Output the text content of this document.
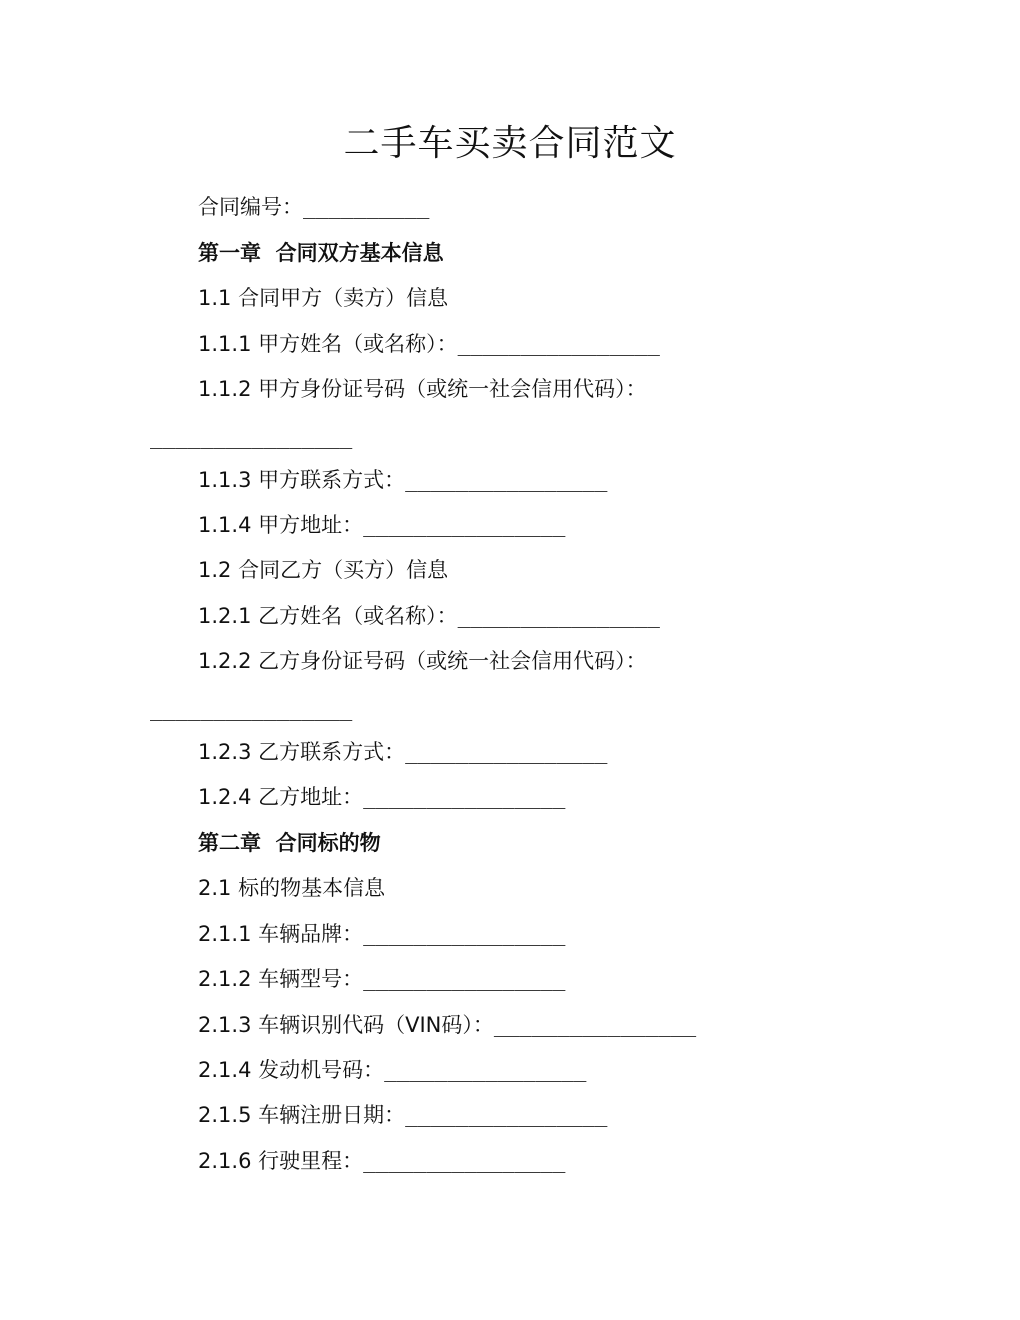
二手车买卖合同范文
合同编号：__________
第一章  合同双方基本信息
1.1 合同甲方（卖方）信息
1.1.1 甲方姓名（或名称）：________________
1.1.2 甲方身份证号码（或统一社会信用代码）：
________________
1.1.3 甲方联系方式：________________
1.1.4 甲方地址：________________
1.2 合同乙方（买方）信息
1.2.1 乙方姓名（或名称）：________________
1.2.2 乙方身份证号码（或统一社会信用代码）：
________________
1.2.3 乙方联系方式：________________
1.2.4 乙方地址：________________
第二章  合同标的物
2.1 标的物基本信息
2.1.1 车辆品牌：________________
2.1.2 车辆型号：________________
2.1.3 车辆识别代码（VIN码）：________________
2.1.4 发动机号码：________________
2.1.5 车辆注册日期：________________
2.1.6 行驶里程：________________
